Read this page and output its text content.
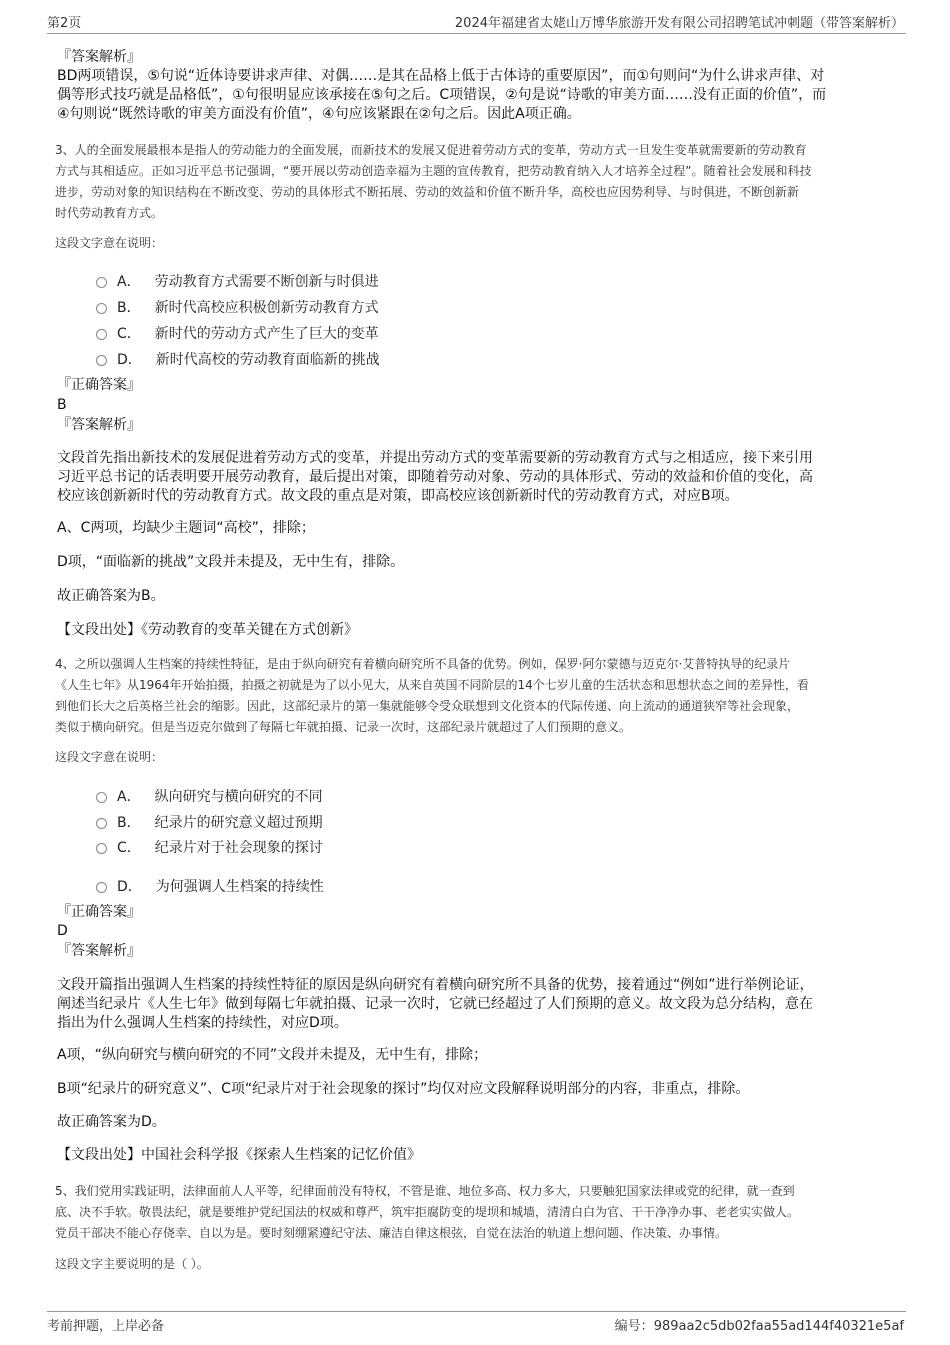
第2页	2024年福建省太姥山万博华旅游开发有限公司招聘笔试冲刺题（带答案解析）
『答案解析』
BD两项错误，⑤句说“近体诗要讲求声律、对偶……是其在品格上低于古体诗的重要原因”，而①句则问“为什么讲求声律、对
偶等形式技巧就是品格低”，①句很明显应该承接在⑤句之后。C项错误，②句是说“诗歌的审美方面……没有正面的价值”，而
④句则说“既然诗歌的审美方面没有价值”，④句应该紧跟在②句之后。因此A项正确。
3、人的全面发展最根本是指人的劳动能力的全面发展，而新技术的发展又促进着劳动方式的变革，劳动方式一旦发生变革就需要新的劳动教育
方式与其相适应。正如习近平总书记强调，“要开展以劳动创造幸福为主题的宣传教育，把劳动教育纳入人才培养全过程”。随着社会发展和科技
进步，劳动对象的知识结构在不断改变、劳动的具体形式不断拓展、劳动的效益和价值不断升华，高校也应因势利导、与时俱进，不断创新新
时代劳动教育方式。
这段文字意在说明：
A． 劳动教育方式需要不断创新与时俱进
B． 新时代高校应积极创新劳动教育方式
C． 新时代的劳动方式产生了巨大的变革
D． 新时代高校的劳动教育面临新的挑战
『正确答案』
B
『答案解析』
文段首先指出新技术的发展促进着劳动方式的变革，并提出劳动方式的变革需要新的劳动教育方式与之相适应，接下来引用
习近平总书记的话表明要开展劳动教育，最后提出对策，即随着劳动对象、劳动的具体形式、劳动的效益和价值的变化，高
校应该创新新时代的劳动教育方式。故文段的重点是对策，即高校应该创新新时代的劳动教育方式，对应B项。
A、C两项，均缺少主题词“高校”，排除；
D项，“面临新的挑战”文段并未提及，无中生有，排除。
故正确答案为B。
【文段出处】《劳动教育的变革关键在方式创新》
4、之所以强调人生档案的持续性特征，是由于纵向研究有着横向研究所不具备的优势。例如，保罗·阿尔蒙德与迈克尔·艾普特执导的纪录片
《人生七年》从1964年开始拍摄，拍摄之初就是为了以小见大，从来自英国不同阶层的14个七岁儿童的生活状态和思想状态之间的差异性，看
到他们长大之后英格兰社会的缩影。因此，这部纪录片的第一集就能够令受众联想到文化资本的代际传递、向上流动的通道狭窄等社会现象，
类似于横向研究。但是当迈克尔做到了每隔七年就拍摄、记录一次时，这部纪录片就超过了人们预期的意义。
这段文字意在说明：
A． 纵向研究与横向研究的不同
B． 纪录片的研究意义超过预期
C． 纪录片对于社会现象的探讨
D． 为何强调人生档案的持续性
『正确答案』
D
『答案解析』
文段开篇指出强调人生档案的持续性特征的原因是纵向研究有着横向研究所不具备的优势，接着通过“例如”进行举例论证，
阐述当纪录片《人生七年》做到每隔七年就拍摄、记录一次时，它就已经超过了人们预期的意义。故文段为总分结构，意在
指出为什么强调人生档案的持续性，对应D项。
A项，“纵向研究与横向研究的不同”文段并未提及，无中生有，排除；
B项“纪录片的研究意义”、C项“纪录片对于社会现象的探讨”均仅对应文段解释说明部分的内容，非重点，排除。
故正确答案为D。
【文段出处】中国社会科学报《探索人生档案的记忆价值》
5、我们党用实践证明，法律面前人人平等，纪律面前没有特权，不管是谁、地位多高、权力多大，只要触犯国家法律或党的纪律，就一查到
底、决不手软。敬畏法纪，就是要维护党纪国法的权威和尊严，筑牢拒腐防变的堤坝和城墙，清清白白为官、干干净净办事、老老实实做人。
党员干部决不能心存侥幸、自以为是。要时刻绷紧遵纪守法、廉洁自律这根弦，自觉在法治的轨道上想问题、作决策、办事情。
这段文字主要说明的是（ ）。
考前押题，上岸必备	编号：989aa2c5db02faa55ad144f40321e5af
